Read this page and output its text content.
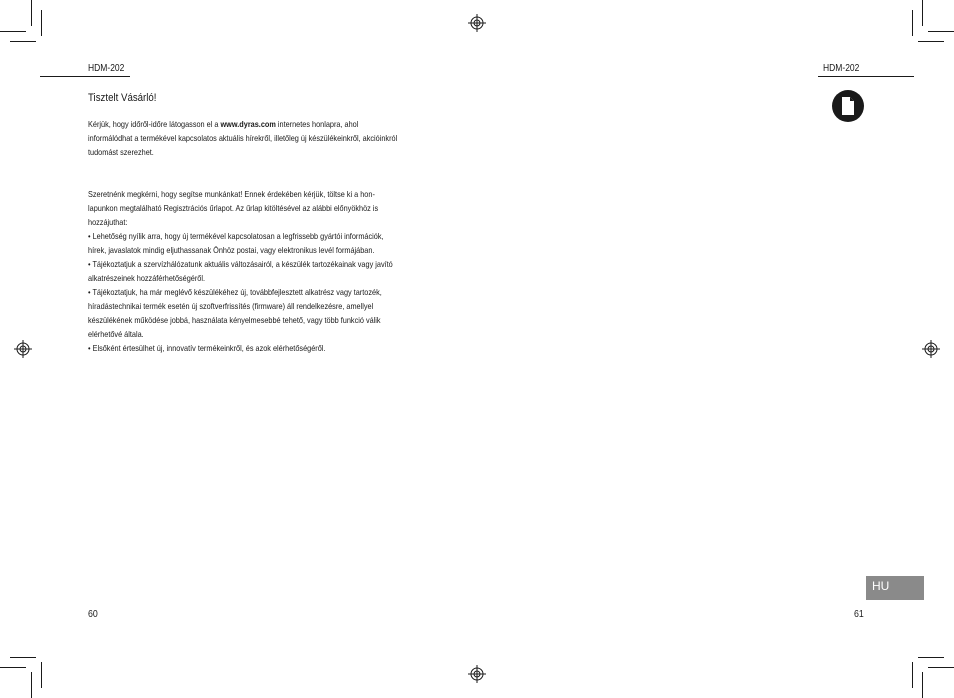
HDM-202	HDM-202
Tisztelt Vásárló!

Kérjük, hogy időről-időre látogasson el a www.dyras.com internetes honlapra, ahol

informálódhat a termékével kapcsolatos aktuális hírekről, illetőleg új készülékeinkről, akcióinkról

tudomást szerezhet.

Szeretnénk megkérni, hogy segítse munkánkat! Ennek érdekében kérjük, töltse ki a hon-

lapunkon megtalálható Regisztrációs űrlapot. Az űrlap kitöltésével az alábbi előnyökhöz is

hozzájuthat:

• Lehetőség nyílik arra, hogy új termékével kapcsolatosan a legfrissebb gyártói információk,

hírek, javaslatok mindig eljuthassanak Önhöz postai, vagy elektronikus levél formájában.

• Tájékoztatjuk a szervízhálózatunk aktuális változásairól, a készülék tartozékainak vagy javító

alkatrészeinek hozzáférhetőségéről.

• Tájékoztatjuk, ha már meglévő készülékéhez új, továbbfejlesztett alkatrész vagy tartozék,

híradástechnikai termék esetén új szoftverfrissítés (firmware) áll rendelkezésre, amellyel

készülékének működése jobbá, használata kényelmesebbé tehető, vagy több funkció válik

elérhetővé általa.

• Elsőként értesülhet új, innovatív termékeinkről, és azok elérhetőségéről.

HU
60	61
